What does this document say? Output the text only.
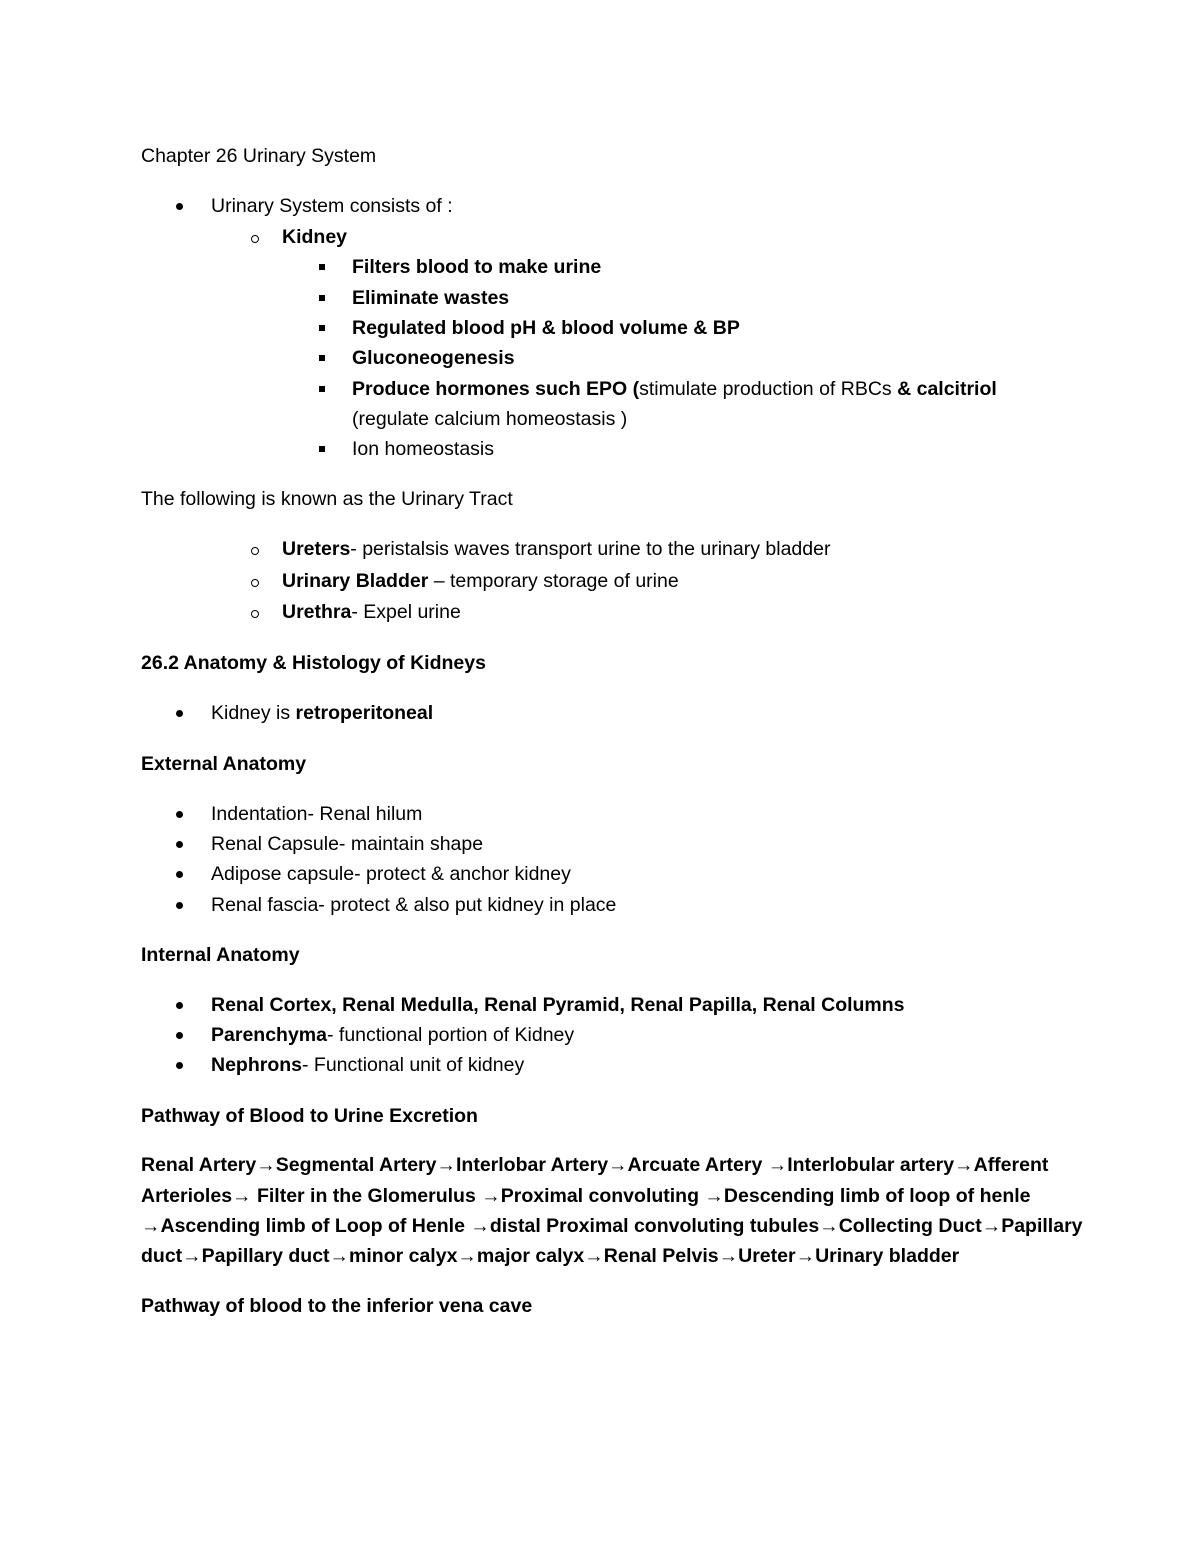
Chapter 26 Urinary System
Urinary System consists of :
Kidney
Filters blood to make urine
Eliminate wastes
Regulated blood pH & blood volume & BP
Gluconeogenesis
Produce hormones such EPO (stimulate production of RBCs & calcitriol
(regulate calcium homeostasis )
Ion homeostasis
The following is known as the Urinary Tract
Ureters- peristalsis waves transport urine to the urinary bladder
Urinary Bladder – temporary storage of urine
Urethra- Expel urine
26.2 Anatomy & Histology of Kidneys
Kidney is retroperitoneal
External Anatomy
Indentation- Renal hilum
Renal Capsule- maintain shape
Adipose capsule- protect & anchor kidney
Renal fascia- protect & also put kidney in place
Internal Anatomy
Renal Cortex, Renal Medulla, Renal Pyramid, Renal Papilla, Renal Columns
Parenchyma- functional portion of Kidney
Nephrons- Functional unit of kidney
Pathway of Blood to Urine Excretion
Renal Artery→Segmental Artery→Interlobar Artery→Arcuate Artery →Interlobular artery→Afferent
Arterioles→ Filter in the Glomerulus →Proximal convoluting →Descending limb of loop of henle
→Ascending limb of Loop of Henle →distal Proximal convoluting tubules→Collecting Duct→Papillary
duct→Papillary duct→minor calyx→major calyx→Renal Pelvis→Ureter→Urinary bladder
Pathway of blood to the inferior vena cave
